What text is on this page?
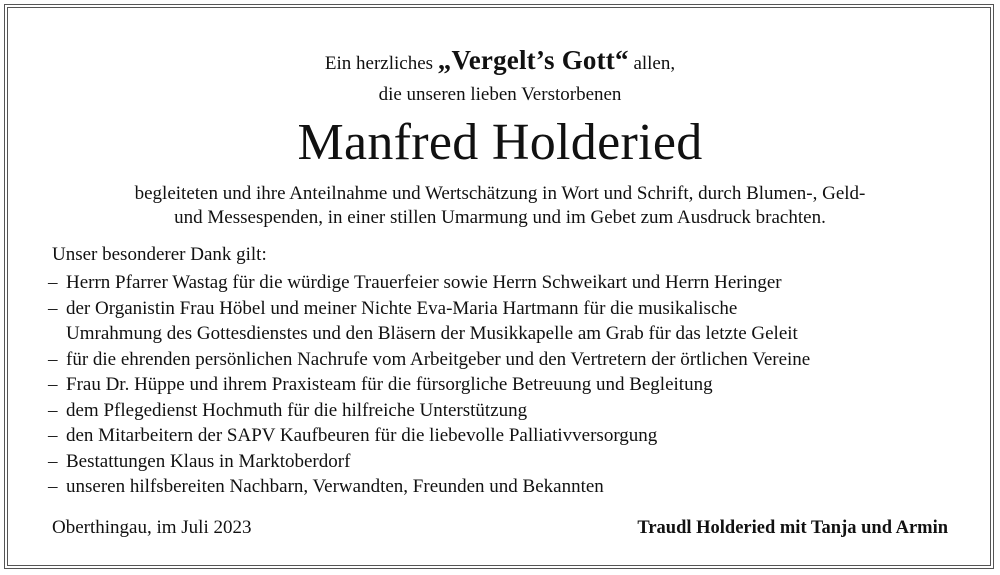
Ein herzliches „Vergelt’s Gott“ allen,
die unseren lieben Verstorbenen
Manfred Holderied
begleiteten und ihre Anteilnahme und Wertschätzung in Wort und Schrift, durch Blumen-, Geld-
und Messespenden, in einer stillen Umarmung und im Gebet zum Ausdruck brachten.
Unser besonderer Dank gilt:
– Herrn Pfarrer Wastag für die würdige Trauerfeier sowie Herrn Schweikart und Herrn Heringer
– der Organistin Frau Höbel und meiner Nichte Eva-Maria Hartmann für die musikalische
Umrahmung des Gottesdienstes und den Bläsern der Musikkapelle am Grab für das letzte Geleit
– für die ehrenden persönlichen Nachrufe vom Arbeitgeber und den Vertretern der örtlichen Vereine
– Frau Dr. Hüppe und ihrem Praxisteam für die fürsorgliche Betreuung und Begleitung
– dem Pflegedienst Hochmuth für die hilfreiche Unterstützung
– den Mitarbeitern der SAPV Kaufbeuren für die liebevolle Palliativversorgung
– Bestattungen Klaus in Marktoberdorf
– unseren hilfsbereiten Nachbarn, Verwandten, Freunden und Bekannten
Oberthingau, im Juli 2023	Traudl Holderied mit Tanja und Armin
